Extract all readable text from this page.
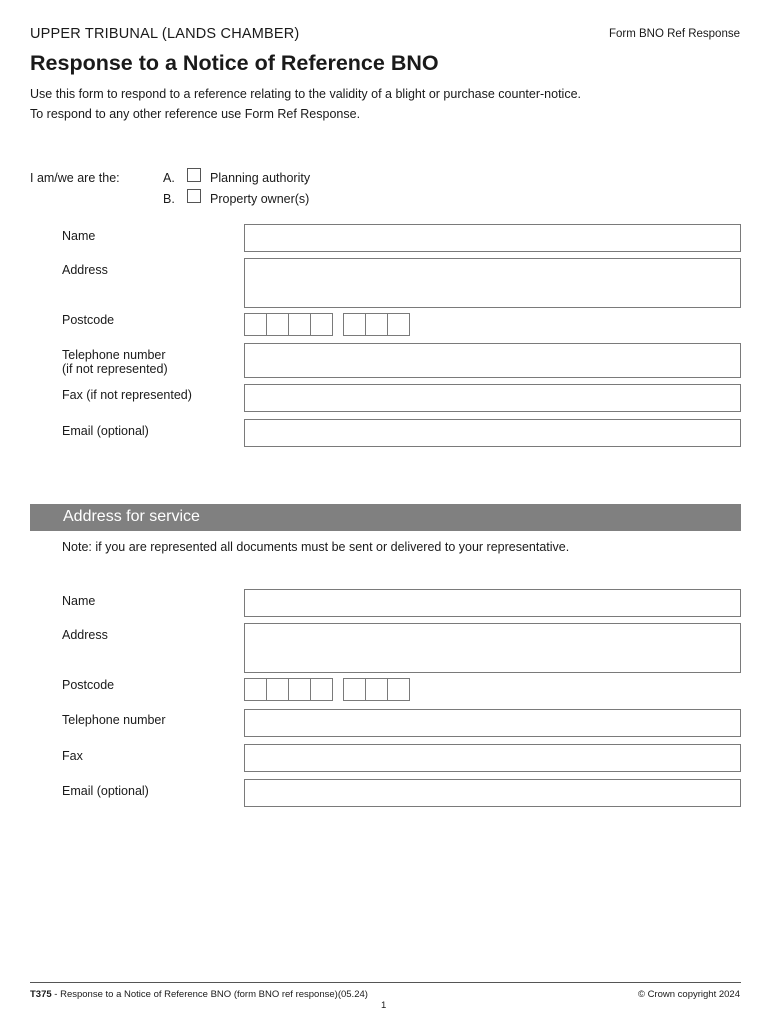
UPPER TRIBUNAL (LANDS CHAMBER)	Form BNO Ref Response
Response to a Notice of Reference BNO
Use this form to respond to a reference relating to the validity of a blight or purchase counter-notice.
To respond to any other reference use Form Ref Response.
I am/we are the:	A.	Planning authority
B.	Property owner(s)
Name
Address
Postcode
Telephone number
(if not represented)
Fax (if not represented)
Email (optional)
Address for service
Note: if you are represented all documents must be sent or delivered to your representative.
Name
Address
Postcode
Telephone number
Fax
Email (optional)
T375 - Response to a Notice of Reference BNO (form BNO ref response)(05.24)
1
© Crown copyright 2024
